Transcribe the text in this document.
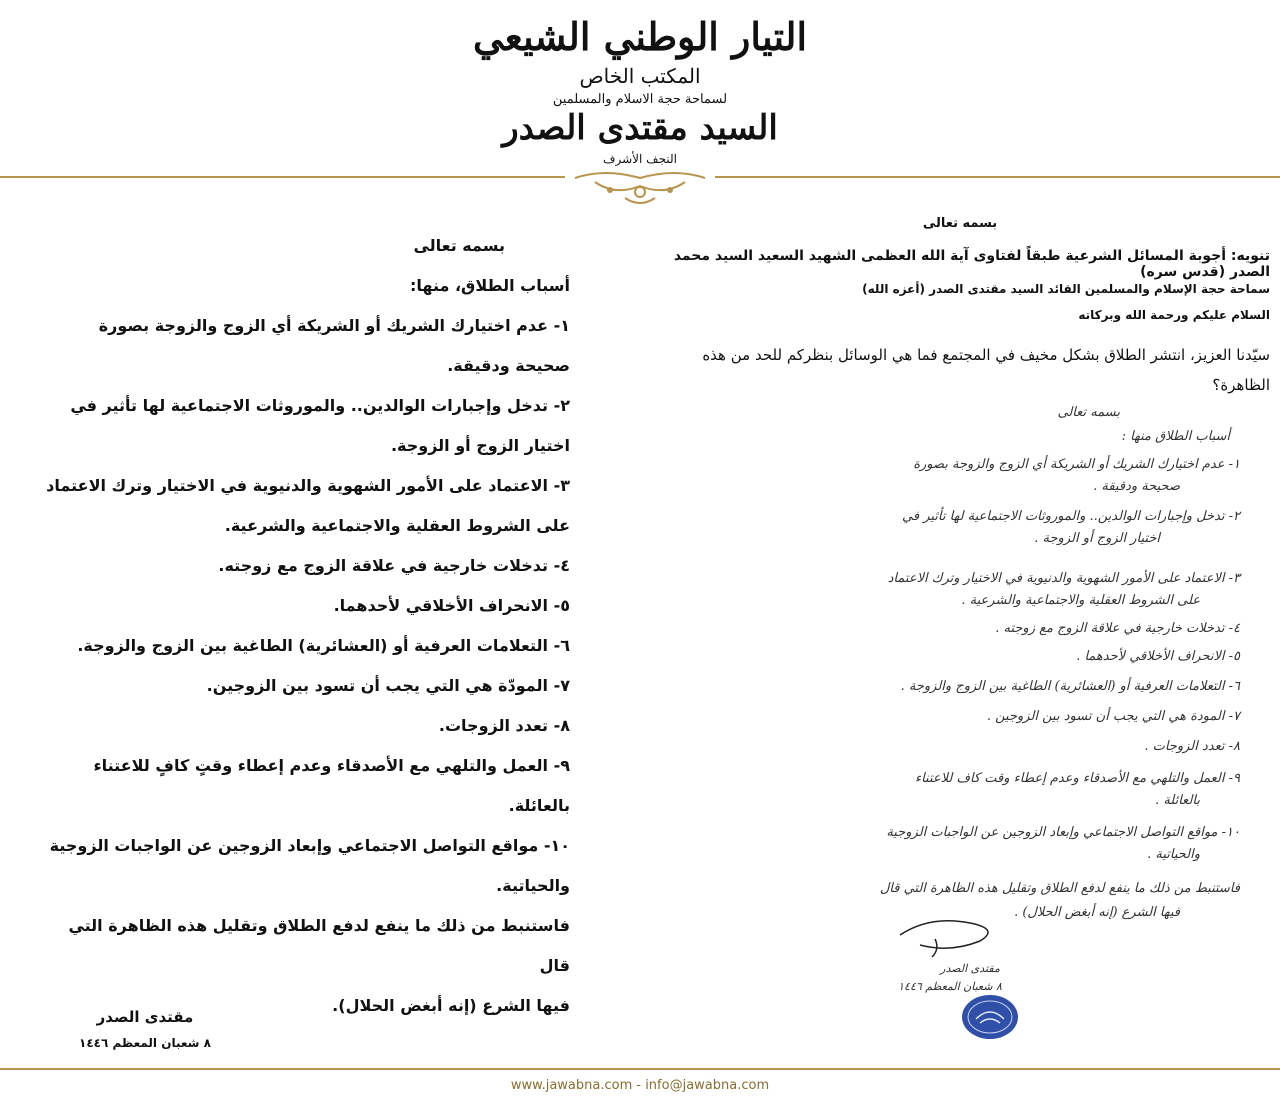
التيار الوطني الشيعي
المكتب الخاص
لسماحة حجة الاسلام والمسلمين
السيد مقتدى الصدر
النجف الأشرف
بسمه تعالى
تنويه: أجوبة المسائل الشرعية طبقاً لفتاوى آية الله العظمى الشهيد السعيد السيد محمد الصدر (قدس سره)
سماحة حجة الإسلام والمسلمين القائد السيد مقتدى الصدر (أعزه الله)
السلام عليكم ورحمة الله وبركاته
سيّدنا العزيز، انتشر الطلاق بشكل مخيف في المجتمع فما هي الوسائل بنظركم للحد من هذه الظاهرة؟
بسمه تعالى
أسباب الطلاق منها :
١- عدم اختيارك الشريك أو الشريكة أي الزوج والزوجة بصورة
صحيحة ودقيقة .
٢- تدخل وإجبارات الوالدين.. والموروثات الاجتماعية لها تأثير في
اختيار الزوج أو الزوجة .
٣- الاعتماد على الأمور الشهوية والدنيوية في الاختيار وترك الاعتماد
على الشروط العقلية والاجتماعية والشرعية .
٤- تدخلات خارجية في علاقة الزوج مع زوجته .
٥- الانحراف الأخلاقي لأحدهما .
٦- التعلامات العرفية أو (العشائرية) الطاغية بين الزوج والزوجة .
٧- المودة هي التي يجب أن تسود بين الزوجين .
٨- تعدد الزوجات .
٩- العمل والتلهي مع الأصدقاء وعدم إعطاء وقت كاف للاعتناء
بالعائلة .
١٠- مواقع التواصل الاجتماعي وإبعاد الزوجين عن الواجبات الزوجية
والحياتية .
فاستنبط من ذلك ما ينفع لدفع الطلاق وتقليل هذه الظاهرة التي قال
فيها الشرع (إنه أبغض الحلال) .
مقتدى الصدر
٨ شعبان المعظم ١٤٤٦
بسمه تعالى
أسباب الطلاق، منها:
١- عدم اختيارك الشريك أو الشريكة أي الزوج والزوجة بصورة
صحيحة ودقيقة.
٢- تدخل وإجبارات الوالدين.. والموروثات الاجتماعية لها تأثير في
اختيار الزوج أو الزوجة.
٣- الاعتماد على الأمور الشهوية والدنيوية في الاختيار وترك الاعتماد
على الشروط العقلية والاجتماعية والشرعية.
٤- تدخلات خارجية في علاقة الزوج مع زوجته.
٥- الانحراف الأخلاقي لأحدهما.
٦- التعلامات العرفية أو (العشائرية) الطاغية بين الزوج والزوجة.
٧- المودّة هي التي يجب أن تسود بين الزوجين.
٨- تعدد الزوجات.
٩- العمل والتلهي مع الأصدقاء وعدم إعطاء وقتٍ كافٍ للاعتناء
بالعائلة.
١٠- مواقع التواصل الاجتماعي وإبعاد الزوجين عن الواجبات الزوجية
والحياتية.
فاستنبط من ذلك ما ينفع لدفع الطلاق وتقليل هذه الظاهرة التي قال
فيها الشرع (إنه أبغض الحلال).
مقتدى الصدر
٨ شعبان المعظم ١٤٤٦
www.jawabna.com - info@jawabna.com
